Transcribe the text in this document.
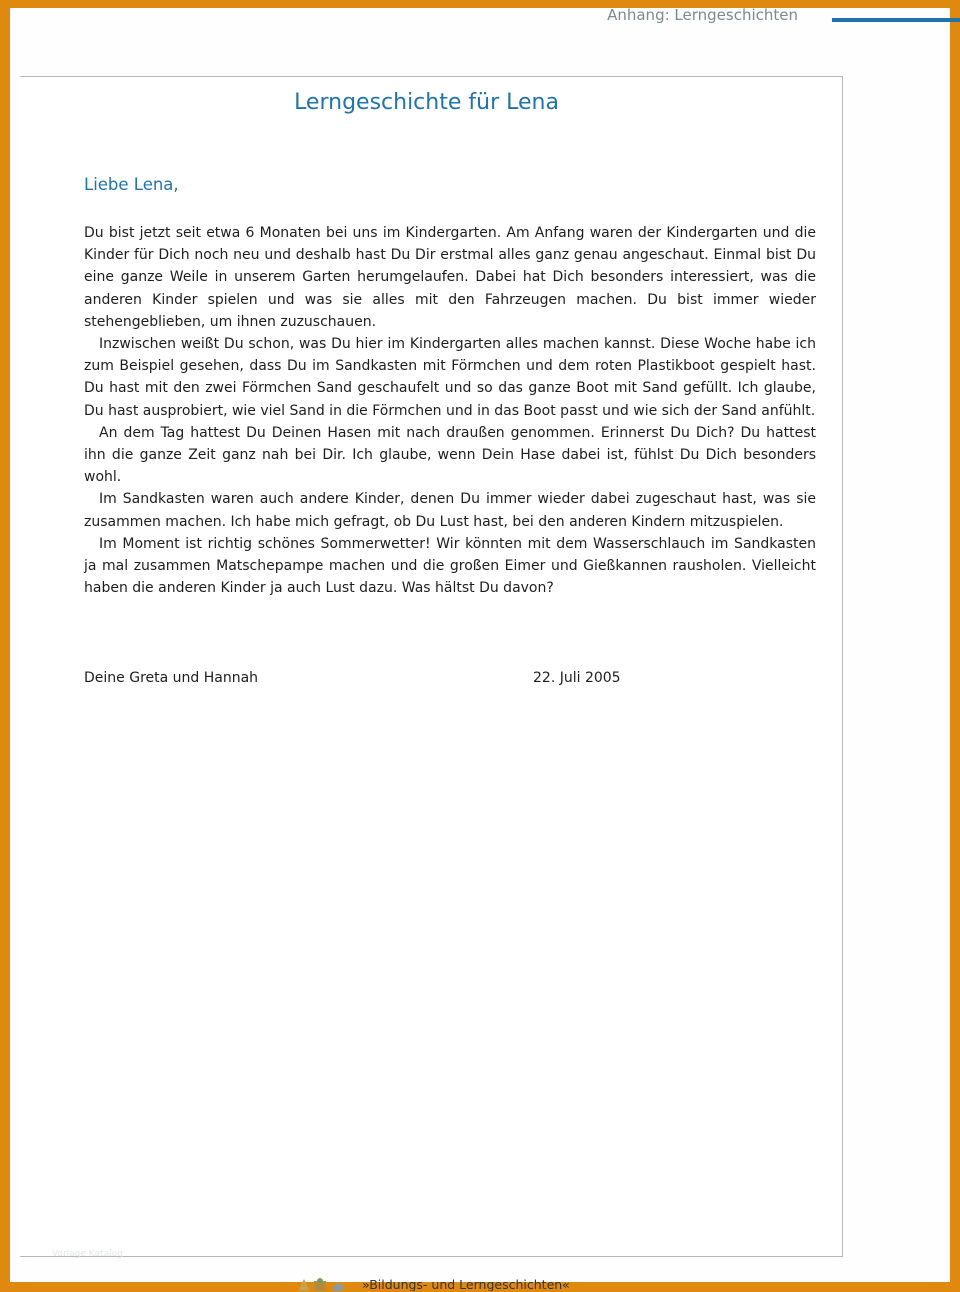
Anhang: Lerngeschichten
Lerngeschichte für Lena
Liebe Lena,

Du bist jetzt seit etwa 6 Monaten bei uns im Kindergarten. Am Anfang waren der Kindergarten und die Kinder für Dich noch neu und deshalb hast Du Dir erstmal alles ganz genau angeschaut. Einmal bist Du eine ganze Weile in unserem Garten herumgelaufen. Dabei hat Dich besonders interessiert, was die anderen Kinder spielen und was sie alles mit den Fahrzeugen machen. Du bist immer wieder stehengeblieben, um ihnen zuzuschauen.

Inzwischen weißt Du schon, was Du hier im Kindergarten alles machen kannst. Diese Woche habe ich zum Beispiel gesehen, dass Du im Sandkasten mit Förmchen und dem roten Plastikboot gespielt hast. Du hast mit den zwei Förmchen Sand geschaufelt und so das ganze Boot mit Sand gefüllt. Ich glaube, Du hast ausprobiert, wie viel Sand in die Förmchen und in das Boot passt und wie sich der Sand anfühlt.

An dem Tag hattest Du Deinen Hasen mit nach draußen genommen. Erinnerst Du Dich? Du hattest ihn die ganze Zeit ganz nah bei Dir. Ich glaube, wenn Dein Hase dabei ist, fühlst Du Dich besonders wohl.

Im Sandkasten waren auch andere Kinder, denen Du immer wieder dabei zugeschaut hast, was sie zusammen machen. Ich habe mich gefragt, ob Du Lust hast, bei den anderen Kindern mitzuspielen.

Im Moment ist richtig schönes Sommerwetter! Wir könnten mit dem Wasserschlauch im Sandkasten ja mal zusammen Matschepampe machen und die großen Eimer und Gießkannen rausholen. Vielleicht haben die anderen Kinder ja auch Lust dazu. Was hältst Du davon?

Deine Greta und Hannah	22. Juli 2005
Vorlage Katalog
»Bildungs- und Lerngeschichten«
